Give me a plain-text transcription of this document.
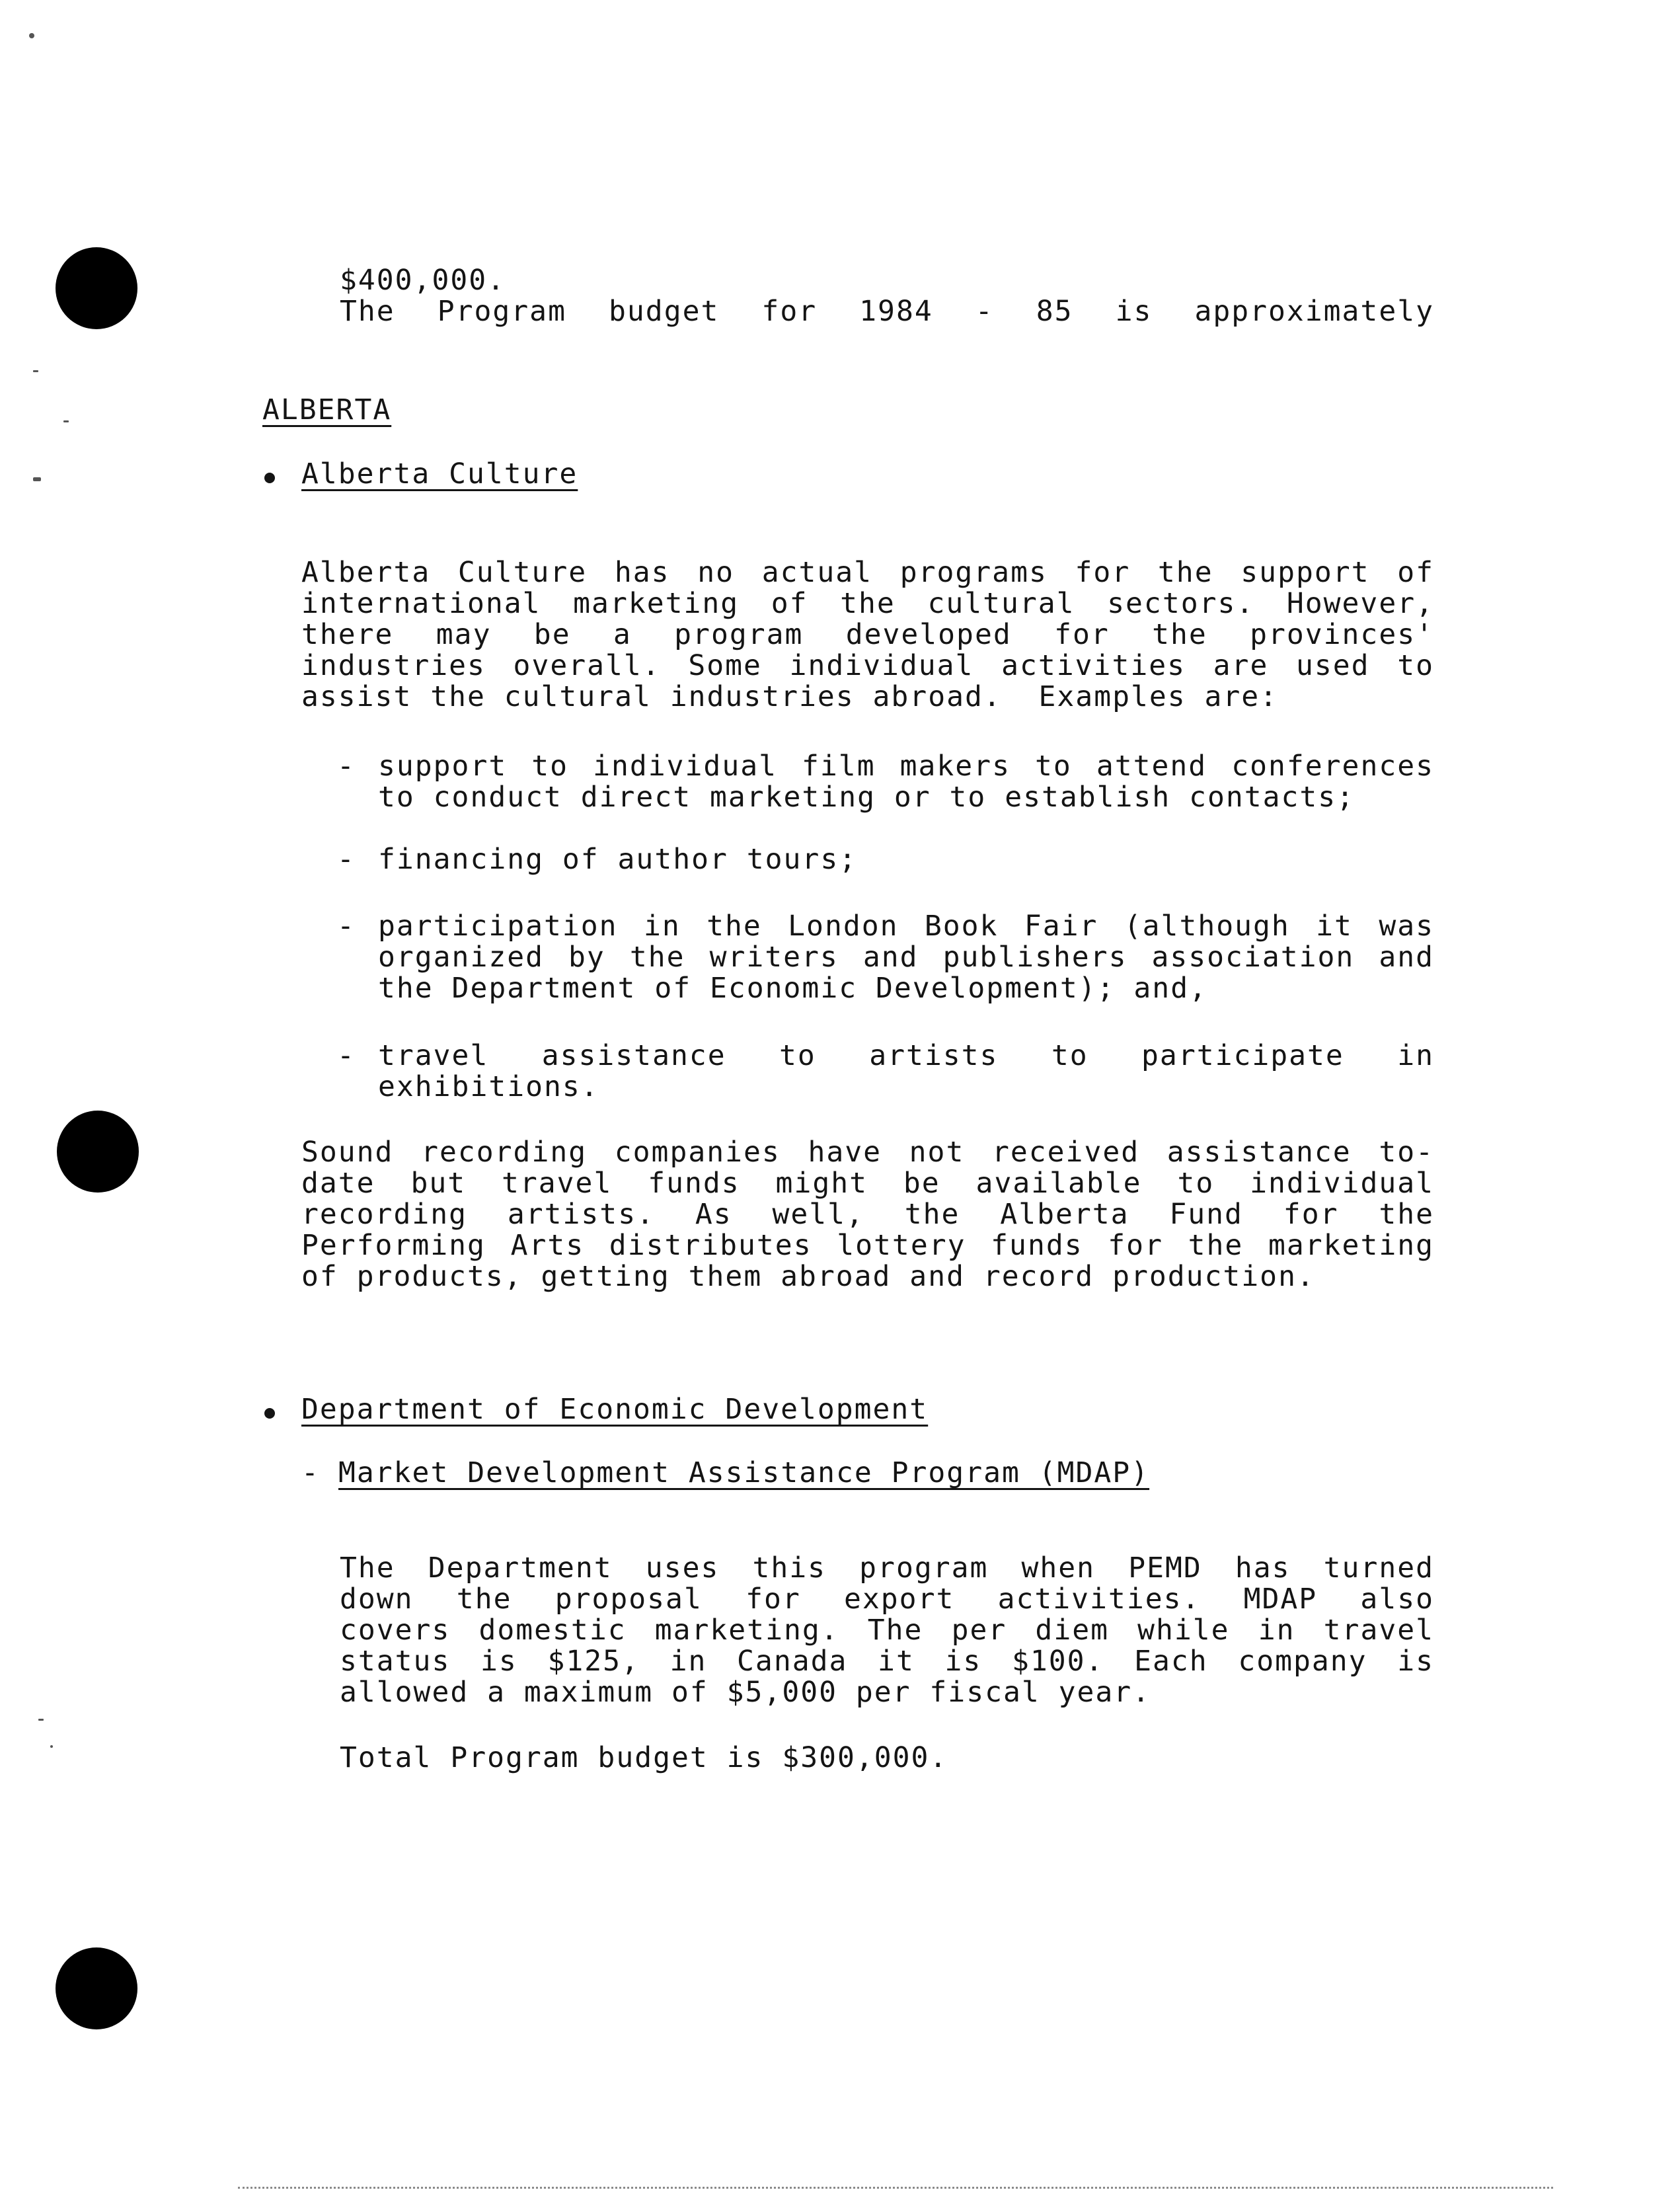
The Program budget for 1984 - 85 is approximately

$400,000.
ALBERTA
Alberta Culture
Alberta Culture has no actual programs for the support of
international marketing of the cultural sectors. However,
there may be a program developed for the provinces'
industries overall. Some individual activities are used to
assist the cultural industries abroad.  Examples are:
- support to individual film makers to attend conferences
to conduct direct marketing or to establish contacts;
- financing of author tours;
- participation in the London Book Fair (although it was
organized by the writers and publishers association and
the Department of Economic Development); and,
- travel assistance to artists to participate in
exhibitions.
Sound recording companies have not received assistance to-
date but travel funds might be available to individual
recording artists. As well, the Alberta Fund for the
Performing Arts distributes lottery funds for the marketing
of products, getting them abroad and record production.
Department of Economic Development
- Market Development Assistance Program (MDAP)
The Department uses this program when PEMD has turned
down the proposal for export activities. MDAP also
covers domestic marketing. The per diem while in travel
status is $125, in Canada it is $100. Each company is
allowed a maximum of $5,000 per fiscal year.
Total Program budget is $300,000.
